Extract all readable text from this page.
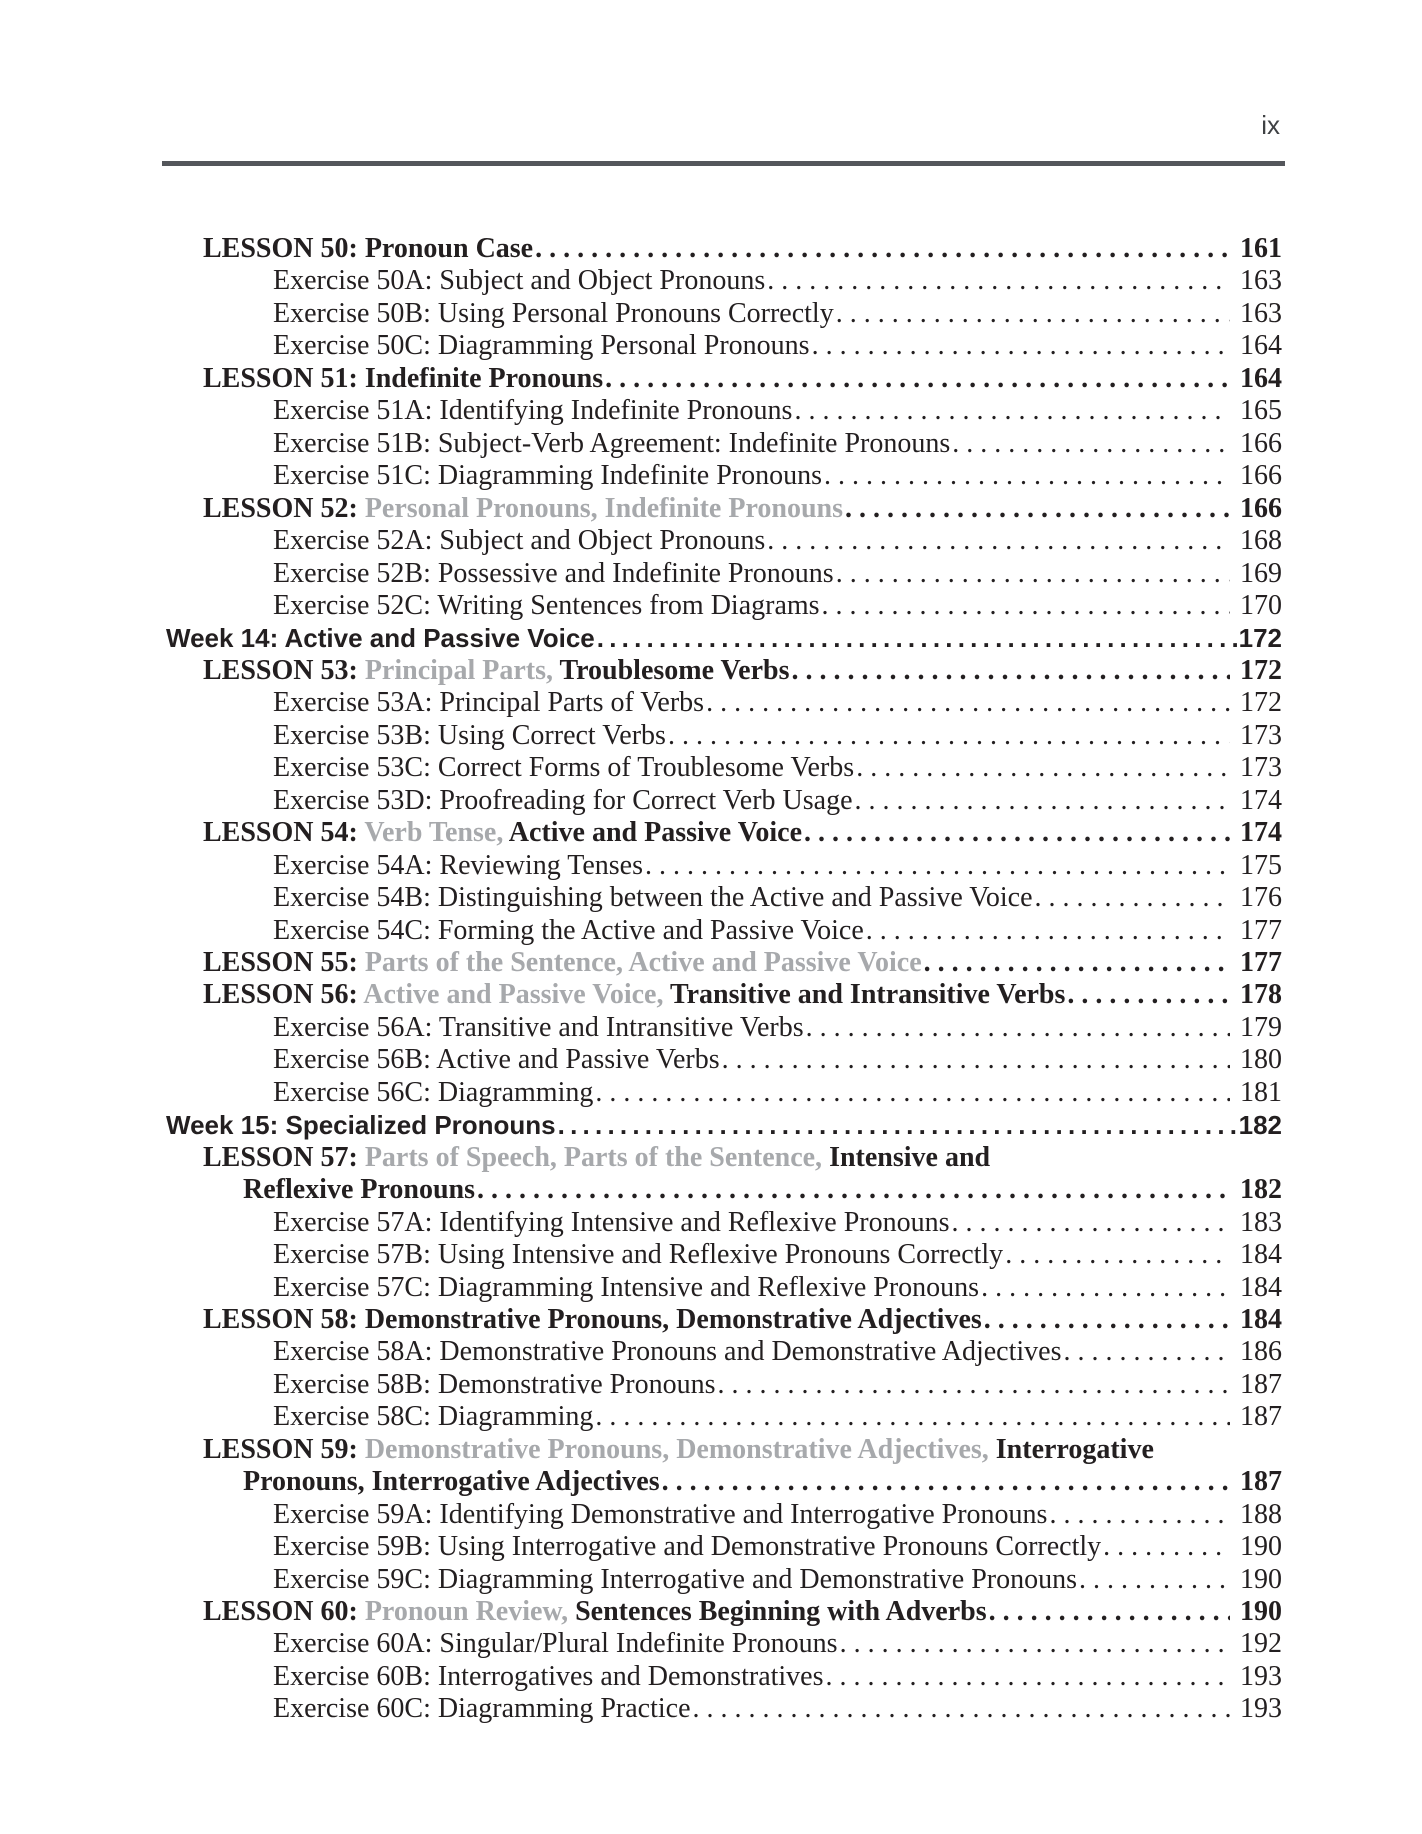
ix
LESSON 50: Pronoun Case . . .	161
Exercise 50A: Subject and Object Pronouns . . .	163
Exercise 50B: Using Personal Pronouns Correctly . . .	163
Exercise 50C: Diagramming Personal Pronouns . . .	164
LESSON 51: Indefinite Pronouns . . .	164
Exercise 51A: Identifying Indefinite Pronouns . . .	165
Exercise 51B: Subject-Verb Agreement: Indefinite Pronouns . . .	166
Exercise 51C: Diagramming Indefinite Pronouns . . .	166
LESSON 52: Personal Pronouns, Indefinite Pronouns . . .	166
Exercise 52A: Subject and Object Pronouns . . .	168
Exercise 52B: Possessive and Indefinite Pronouns . . .	169
Exercise 52C: Writing Sentences from Diagrams . . .	170
Week 14: Active and Passive Voice . . .	172
LESSON 53: Principal Parts, Troublesome Verbs . . .	172
Exercise 53A: Principal Parts of Verbs . . .	172
Exercise 53B: Using Correct Verbs . . .	173
Exercise 53C: Correct Forms of Troublesome Verbs . . .	173
Exercise 53D: Proofreading for Correct Verb Usage . . .	174
LESSON 54: Verb Tense, Active and Passive Voice . . .	174
Exercise 54A: Reviewing Tenses . . .	175
Exercise 54B: Distinguishing between the Active and Passive Voice . . .	176
Exercise 54C: Forming the Active and Passive Voice . . .	177
LESSON 55: Parts of the Sentence, Active and Passive Voice . . .	177
LESSON 56: Active and Passive Voice, Transitive and Intransitive Verbs . . .	178
Exercise 56A: Transitive and Intransitive Verbs . . .	179
Exercise 56B: Active and Passive Verbs . . .	180
Exercise 56C: Diagramming . . .	181
Week 15: Specialized Pronouns . . .	182
LESSON 57: Parts of Speech, Parts of the Sentence, Intensive and
Reflexive Pronouns . . .	182
Exercise 57A: Identifying Intensive and Reflexive Pronouns . . .	183
Exercise 57B: Using Intensive and Reflexive Pronouns Correctly . . .	184
Exercise 57C: Diagramming Intensive and Reflexive Pronouns . . .	184
LESSON 58: Demonstrative Pronouns, Demonstrative Adjectives . . .	184
Exercise 58A: Demonstrative Pronouns and Demonstrative Adjectives . . .	186
Exercise 58B: Demonstrative Pronouns . . .	187
Exercise 58C: Diagramming . . .	187
LESSON 59: Demonstrative Pronouns, Demonstrative Adjectives, Interrogative
Pronouns, Interrogative Adjectives . . .	187
Exercise 59A: Identifying Demonstrative and Interrogative Pronouns . . .	188
Exercise 59B: Using Interrogative and Demonstrative Pronouns Correctly . . .	190
Exercise 59C: Diagramming Interrogative and Demonstrative Pronouns . . .	190
LESSON 60: Pronoun Review, Sentences Beginning with Adverbs . . .	190
Exercise 60A: Singular/Plural Indefinite Pronouns . . .	192
Exercise 60B: Interrogatives and Demonstratives . . .	193
Exercise 60C: Diagramming Practice . . .	193
